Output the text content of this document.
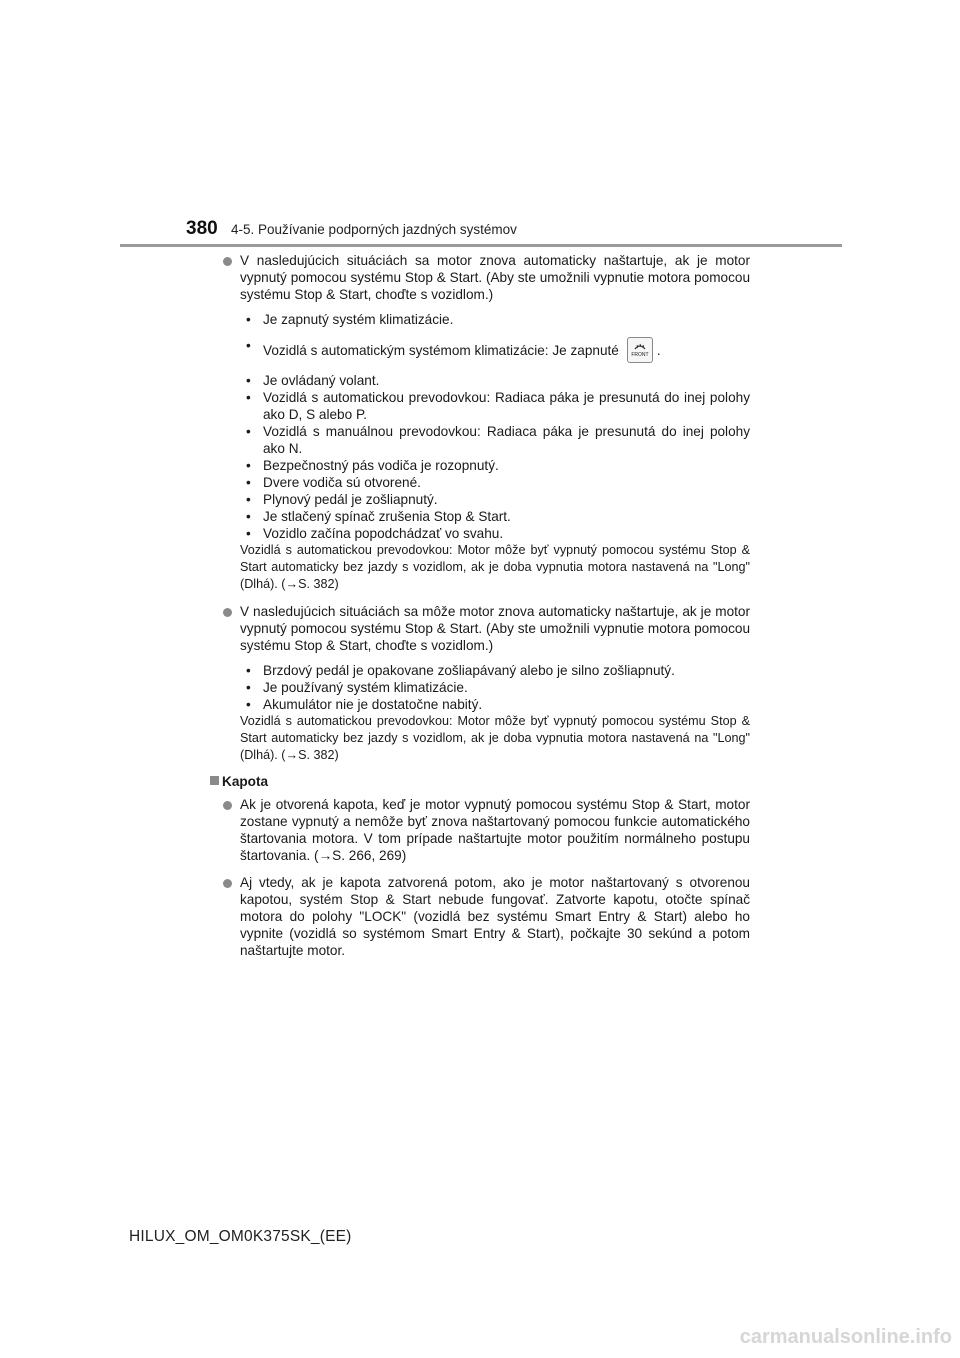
380 4-5. Používanie podporných jazdných systémov

V nasledujúcich situáciách sa motor znova automaticky naštartuje, ak je motor vypnutý pomocou systému Stop & Start. (Aby ste umožnili vypnutie motora pomocou systému Stop & Start, choďte s vozidlom.)

• Je zapnutý systém klimatizácie.
• Vozidlá s automatickým systémom klimatizácie: Je zapnuté FRONT .
• Je ovládaný volant.
• Vozidlá s automatickou prevodovkou: Radiaca páka je presunutá do inej polohy ako D, S alebo P.
• Vozidlá s manuálnou prevodovkou: Radiaca páka je presunutá do inej polohy ako N.
• Bezpečnostný pás vodiča je rozopnutý.
• Dvere vodiča sú otvorené.
• Plynový pedál je zošliapnutý.
• Je stlačený spínač zrušenia Stop & Start.
• Vozidlo začína popodchádzať vo svahu.

Vozidlá s automatickou prevodovkou: Motor môže byť vypnutý pomocou systému Stop & Start automaticky bez jazdy s vozidlom, ak je doba vypnutia motora nastavená na "Long" (Dlhá). (→S. 382)

V nasledujúcich situáciách sa môže motor znova automaticky naštartuje, ak je motor vypnutý pomocou systému Stop & Start. (Aby ste umožnili vypnutie motora pomocou systému Stop & Start, choďte s vozidlom.)

• Brzdový pedál je opakovane zošliapávaný alebo je silno zošliapnutý.
• Je používaný systém klimatizácie.
• Akumulátor nie je dostatočne nabitý.

Vozidlá s automatickou prevodovkou: Motor môže byť vypnutý pomocou systému Stop & Start automaticky bez jazdy s vozidlom, ak je doba vypnutia motora nastavená na "Long" (Dlhá). (→S. 382)

Kapota

Ak je otvorená kapota, keď je motor vypnutý pomocou systému Stop & Start, motor zostane vypnutý a nemôže byť znova naštartovaný pomocou funkcie automatického štartovania motora. V tom prípade naštartujte motor použitím normálneho postupu štartovania. (→S. 266, 269)

Aj vtedy, ak je kapota zatvorená potom, ako je motor naštartovaný s otvorenou kapotou, systém Stop & Start nebude fungovať. Zatvorte kapotu, otočte spínač motora do polohy "LOCK" (vozidlá bez systému Smart Entry & Start) alebo ho vypnite (vozidlá so systémom Smart Entry & Start), počkajte 30 sekúnd a potom naštartujte motor.

HILUX_OM_OM0K375SK_(EE)
carmanualsonline.info
